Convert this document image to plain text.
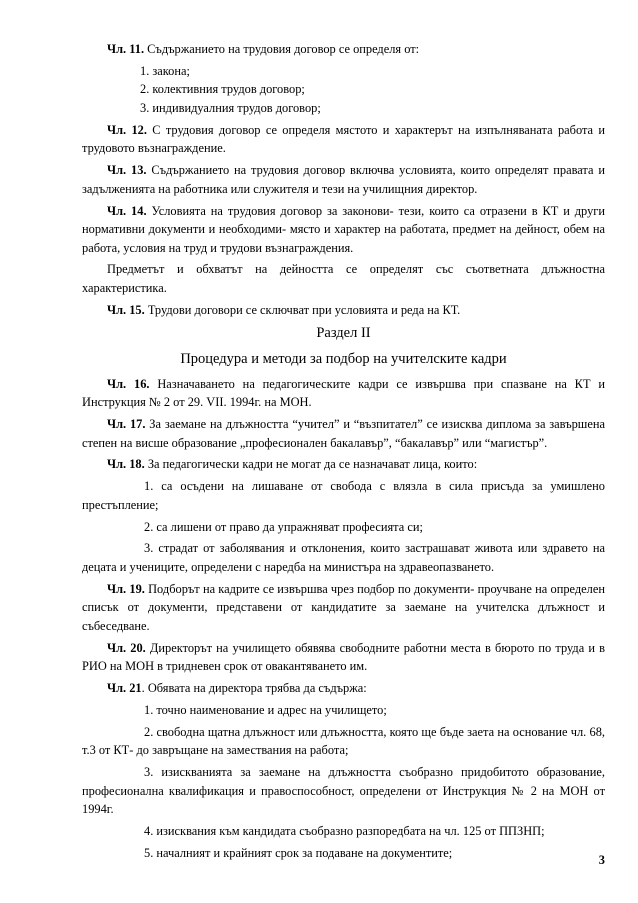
Чл. 11. Съдържанието на трудовия договор се определя от:

1. закона;

2. колективния трудов договор;

3. индивидуалния трудов договор;

Чл. 12. С трудовия договор се определя мястото и характерът на изпълняваната работа и трудовото възнаграждение.

Чл. 13. Съдържанието на трудовия договор включва условията, които определят правата и задълженията на работника или служителя и тези на училищния директор.

Чл. 14. Условията на трудовия договор за законови- тези, които са отразени в КТ и други нормативни документи и необходими- място и характер на работата, предмет на дейност, обем на работа, условия на труд и трудови възнаграждения.

Предметът и обхватът на дейността се определят със съответната длъжностна характеристика.

Чл. 15. Трудови договори се сключват при условията и реда на КТ.

Раздел II
Процедура и методи за подбор на учителските кадри

Чл. 16. Назначаването на педагогическите кадри се извършва при спазване на КТ и Инструкция № 2 от 29. VII. 1994г. на МОН.

Чл. 17. За заемане на длъжността “учител” и “възпитател” се изисква диплома за завършена степен на висше образование „професионален бакалавър”, “бакалавър” или “магистър”.

Чл. 18. За педагогически кадри не могат да се назначават лица, които:

1. са осъдени на лишаване от свобода с влязла в сила присъда за умишлено престъпление;

2. са лишени от право да упражняват професията си;

3. страдат от заболявания и отклонения, които застрашават живота или здравето на децата и учениците, определени с наредба на министъра на здравеопазването.

Чл. 19. Подборът на кадрите се извършва чрез подбор по документи- проучване на определен списък от документи, представени от кандидатите за заемане на учителска длъжност и събеседване.

Чл. 20. Директорът на училището обявява свободните работни места в бюрото по труда и в РИО на МОН в тридневен срок от овакантяването им.

Чл. 21. Обявата на директора трябва да съдържа:

1. точно наименование и адрес на училището;

2. свободна щатна длъжност или длъжността, която ще бъде заета на основание чл. 68, т.3 от КТ- до завръщане на замествания на работа;

3. изискванията за заемане на длъжността съобразно придобитото образование, професионална квалификация и правоспособност, определени от Инструкция № 2 на МОН от 1994г.

4. изисквания към кандидата съобразно разпоредбата на чл. 125 от ППЗНП;

5. началният и крайният срок за подаване на документите;

3
